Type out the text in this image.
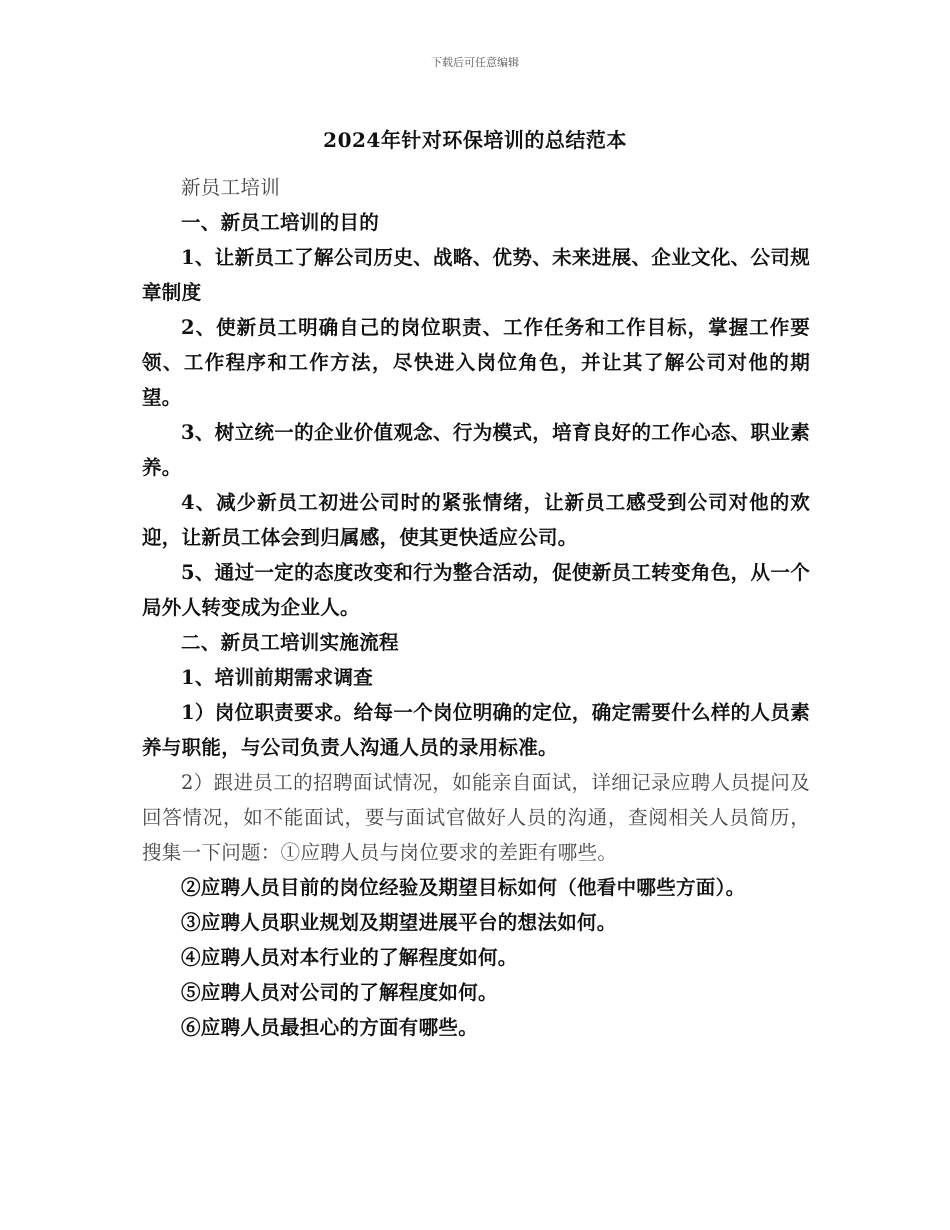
下载后可任意编辑
2024年针对环保培训的总结范本

新员工培训

一、新员工培训的目的

1、让新员工了解公司历史、战略、优势、未来进展、企业文化、公司规章制度

2、使新员工明确自己的岗位职责、工作任务和工作目标，掌握工作要领、工作程序和工作方法，尽快进入岗位角色，并让其了解公司对他的期望。

3、树立统一的企业价值观念、行为模式，培育良好的工作心态、职业素养。

4、减少新员工初进公司时的紧张情绪，让新员工感受到公司对他的欢迎，让新员工体会到归属感，使其更快适应公司。

5、通过一定的态度改变和行为整合活动，促使新员工转变角色，从一个局外人转变成为企业人。

二、新员工培训实施流程

1、培训前期需求调查

1）岗位职责要求。给每一个岗位明确的定位，确定需要什么样的人员素养与职能，与公司负责人沟通人员的录用标准。

2）跟进员工的招聘面试情况，如能亲自面试，详细记录应聘人员提问及回答情况，如不能面试，要与面试官做好人员的沟通，查阅相关人员简历，搜集一下问题：①应聘人员与岗位要求的差距有哪些。

②应聘人员目前的岗位经验及期望目标如何（他看中哪些方面）。

③应聘人员职业规划及期望进展平台的想法如何。

④应聘人员对本行业的了解程度如何。

⑤应聘人员对公司的了解程度如何。

⑥应聘人员最担心的方面有哪些。
